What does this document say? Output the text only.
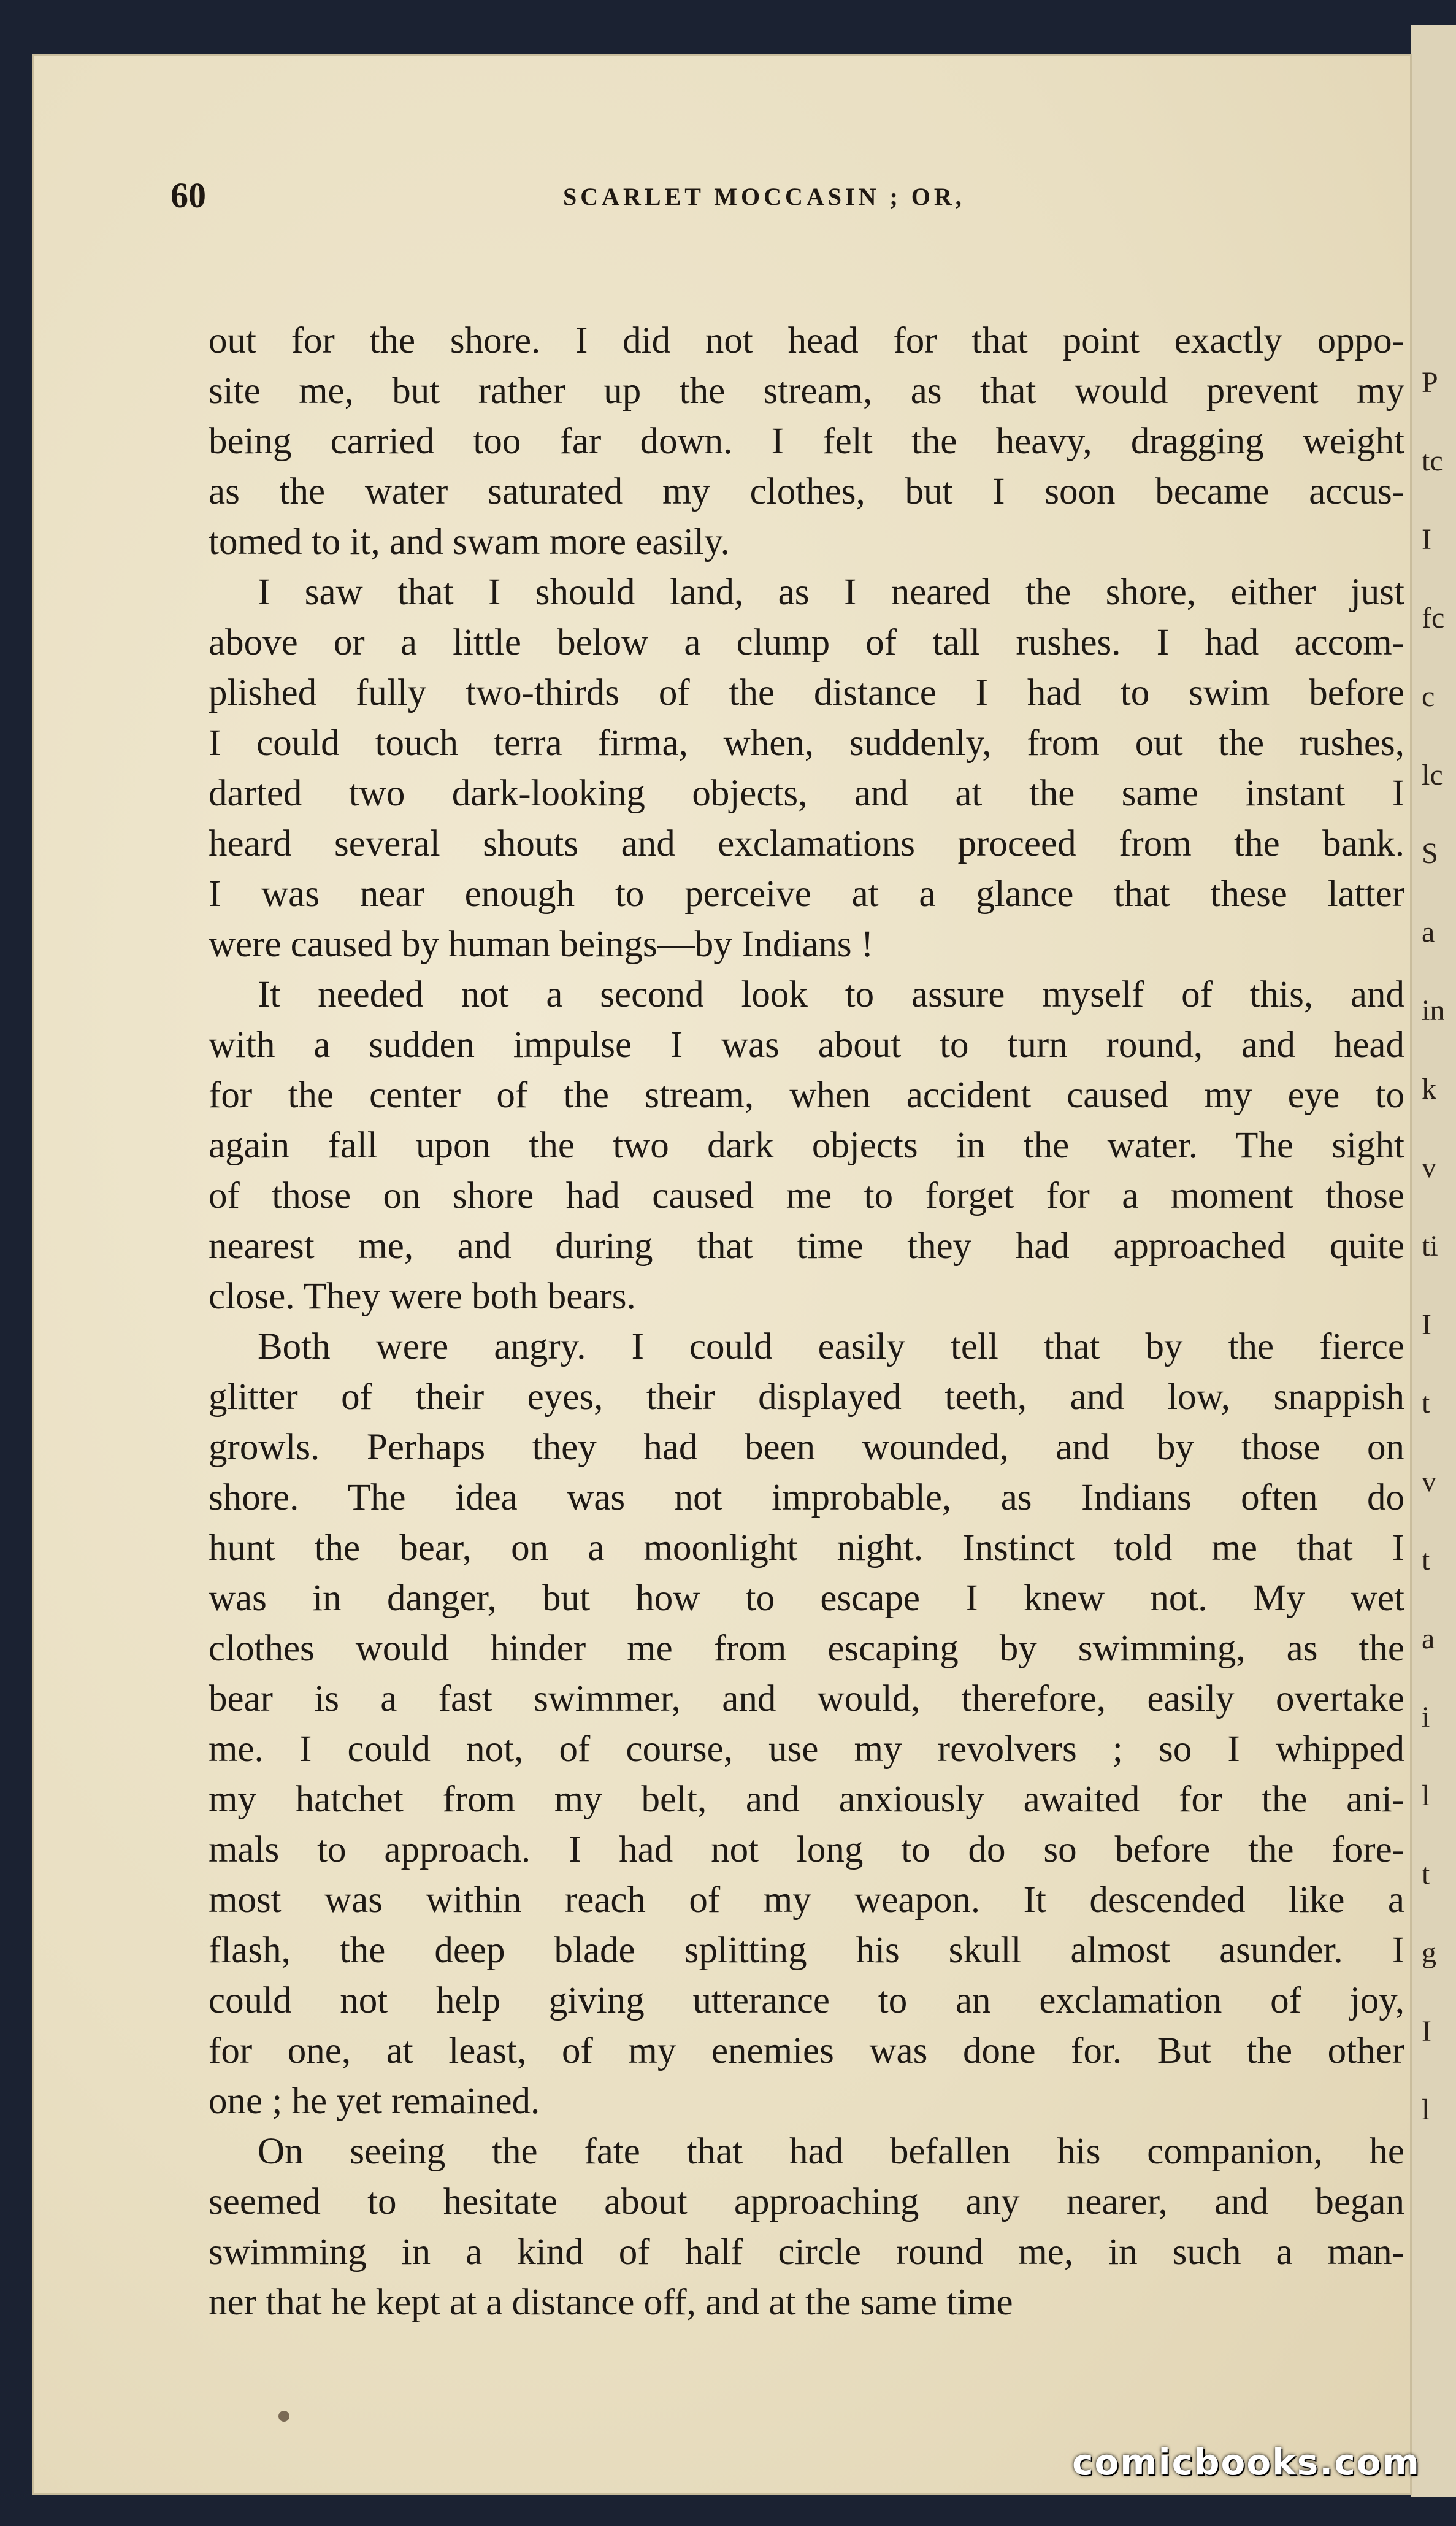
P
tc
I
fc
c
lc
S
a
in
k
v
ti
I
t
v
t
a
i
l
t
g
I
l
60	SCARLET MOCCASIN ; OR,
out for the shore. I did not head for that point exactly oppo-
site me, but rather up the stream, as that would prevent my
being carried too far down. I felt the heavy, dragging weight
as the water saturated my clothes, but I soon became accus-
tomed to it, and swam more easily.
I saw that I should land, as I neared the shore, either just
above or a little below a clump of tall rushes. I had accom-
plished fully two-thirds of the distance I had to swim before
I could touch terra firma, when, suddenly, from out the rushes,
darted two dark-looking objects, and at the same instant I
heard several shouts and exclamations proceed from the bank.
I was near enough to perceive at a glance that these latter
were caused by human beings—by Indians !
It needed not a second look to assure myself of this, and
with a sudden impulse I was about to turn round, and head
for the center of the stream, when accident caused my eye to
again fall upon the two dark objects in the water. The sight
of those on shore had caused me to forget for a moment those
nearest me, and during that time they had approached quite
close. They were both bears.
Both were angry. I could easily tell that by the fierce
glitter of their eyes, their displayed teeth, and low, snappish
growls. Perhaps they had been wounded, and by those on
shore. The idea was not improbable, as Indians often do
hunt the bear, on a moonlight night. Instinct told me that I
was in danger, but how to escape I knew not. My wet
clothes would hinder me from escaping by swimming, as the
bear is a fast swimmer, and would, therefore, easily overtake
me. I could not, of course, use my revolvers ; so I whipped
my hatchet from my belt, and anxiously awaited for the ani-
mals to approach. I had not long to do so before the fore-
most was within reach of my weapon. It descended like a
flash, the deep blade splitting his skull almost asunder. I
could not help giving utterance to an exclamation of joy,
for one, at least, of my enemies was done for. But the other
one ; he yet remained.
On seeing the fate that had befallen his companion, he
seemed to hesitate about approaching any nearer, and began
swimming in a kind of half circle round me, in such a man-
ner that he kept at a distance off, and at the same time
comicbooks.com
